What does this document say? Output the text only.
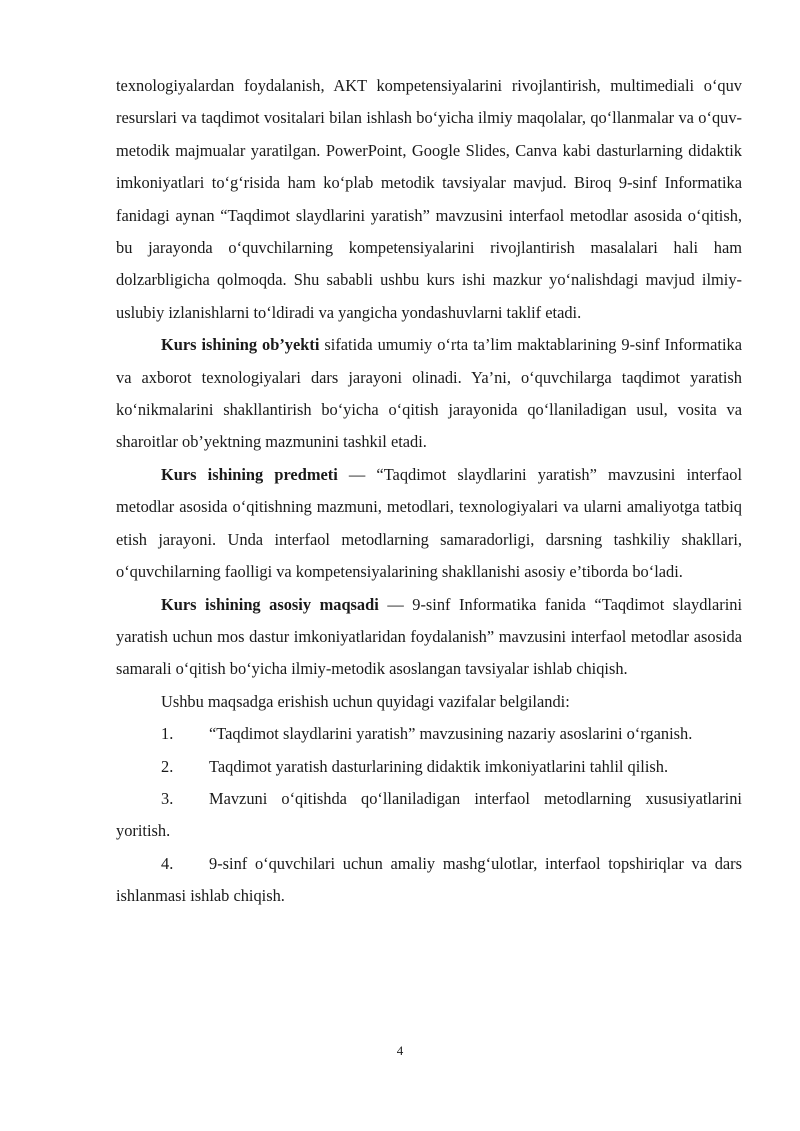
texnologiyalardan foydalanish, AKT kompetensiyalarini rivojlantirish, multimediali o‘quv resurslari va taqdimot vositalari bilan ishlash bo‘yicha ilmiy maqolalar, qo‘llanmalar va o‘quv-metodik majmualar yaratilgan. PowerPoint, Google Slides, Canva kabi dasturlarning didaktik imkoniyatlari to‘g‘risida ham ko‘plab metodik tavsiyalar mavjud. Biroq 9-sinf Informatika fanidagi aynan “Taqdimot slaydlarini yaratish” mavzusini interfaol metodlar asosida o‘qitish, bu jarayonda o‘quvchilarning kompetensiyalarini rivojlantirish masalalari hali ham dolzarbligicha qolmoqda. Shu sababli ushbu kurs ishi mazkur yo‘nalishdagi mavjud ilmiy-uslubiy izlanishlarni to‘ldiradi va yangicha yondashuvlarni taklif etadi.

Kurs ishining ob’yekti sifatida umumiy o‘rta ta’lim maktablarining 9-sinf Informatika va axborot texnologiyalari dars jarayoni olinadi. Ya’ni, o‘quvchilarga taqdimot yaratish ko‘nikmalarini shakllantirish bo‘yicha o‘qitish jarayonida qo‘llaniladigan usul, vosita va sharoitlar ob’yektning mazmunini tashkil etadi.

Kurs ishining predmeti — “Taqdimot slaydlarini yaratish” mavzusini interfaol metodlar asosida o‘qitishning mazmuni, metodlari, texnologiyalari va ularni amaliyotga tatbiq etish jarayoni. Unda interfaol metodlarning samaradorligi, darsning tashkiliy shakllari, o‘quvchilarning faolligi va kompetensiyalarining shakllanishi asosiy e’tiborda bo‘ladi.

Kurs ishining asosiy maqsadi — 9-sinf Informatika fanida “Taqdimot slaydlarini yaratish uchun mos dastur imkoniyatlaridan foydalanish” mavzusini interfaol metodlar asosida samarali o‘qitish bo‘yicha ilmiy-metodik asoslangan tavsiyalar ishlab chiqish.

Ushbu maqsadga erishish uchun quyidagi vazifalar belgilandi:

1. “Taqdimot slaydlarini yaratish” mavzusining nazariy asoslarini o‘rganish.

2. Taqdimot yaratish dasturlarining didaktik imkoniyatlarini tahlil qilish.

3. Mavzuni o‘qitishda qo‘llaniladigan interfaol metodlarning xususiyatlarini yoritish.

4. 9-sinf o‘quvchilari uchun amaliy mashg‘ulotlar, interfaol topshiriqlar va dars ishlanmasi ishlab chiqish.

4
